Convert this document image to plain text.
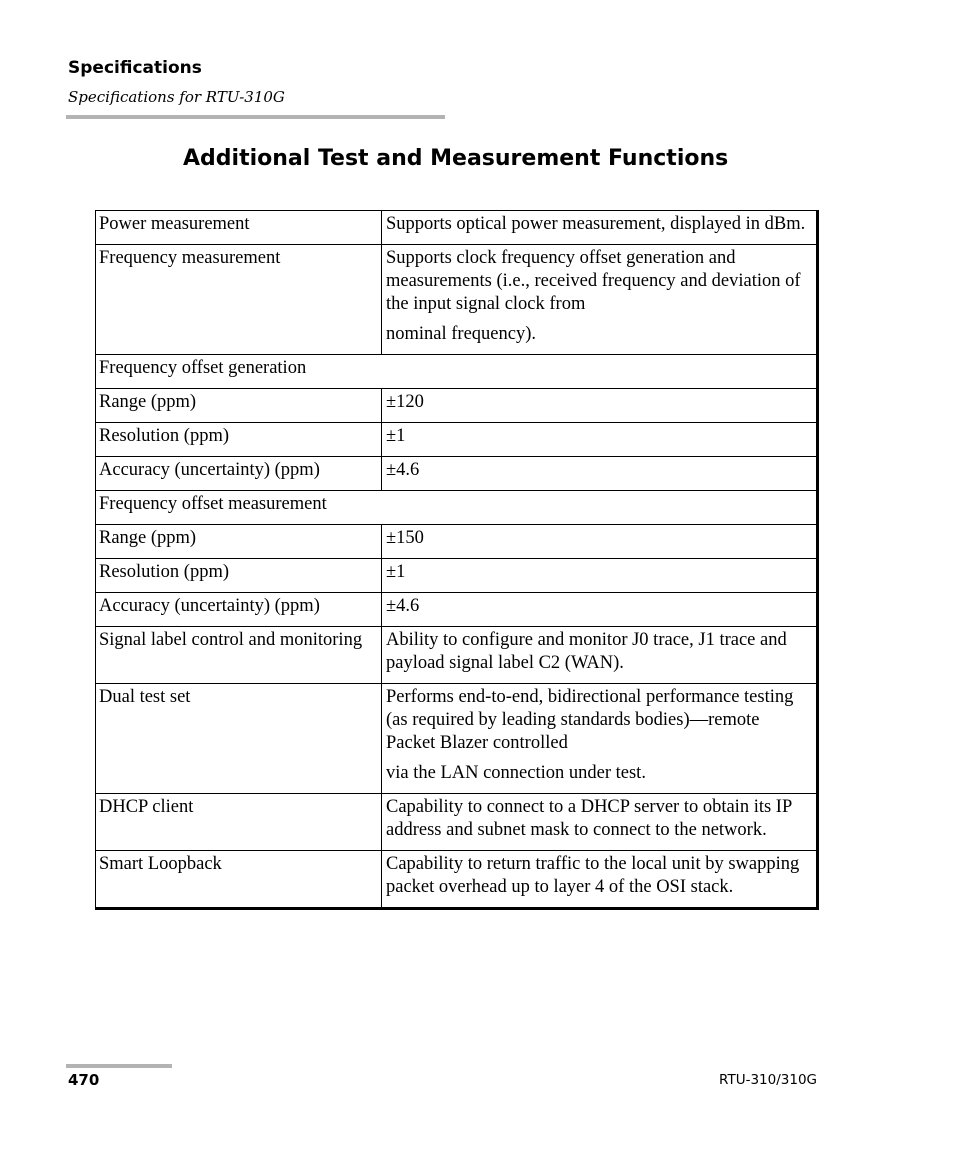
Specifications
Specifications for RTU-310G
Additional Test and Measurement Functions
Power measurement	Supports optical power measurement, displayed in dBm.

Frequency measurement	Supports clock frequency offset generation and measurements (i.e., received frequency and deviation of the input signal clock from

nominal frequency).

Frequency offset generation	
Range (ppm)	±120

Resolution (ppm)	±1

Accuracy (uncertainty) (ppm)	±4.6

Frequency offset measurement	
Range (ppm)	±150

Resolution (ppm)	±1

Accuracy (uncertainty) (ppm)	±4.6

Signal label control and monitoring	Ability to configure and monitor J0 trace, J1 trace and payload signal label C2 (WAN).

Dual test set	Performs end-to-end, bidirectional performance testing (as required by leading standards bodies)—remote Packet Blazer controlled

via the LAN connection under test.

DHCP client	Capability to connect to a DHCP server to obtain its IP address and subnet mask to connect to the network.

Smart Loopback	Capability to return traffic to the local unit by swapping packet overhead up to layer 4 of the OSI stack.

470	RTU-310/310G
